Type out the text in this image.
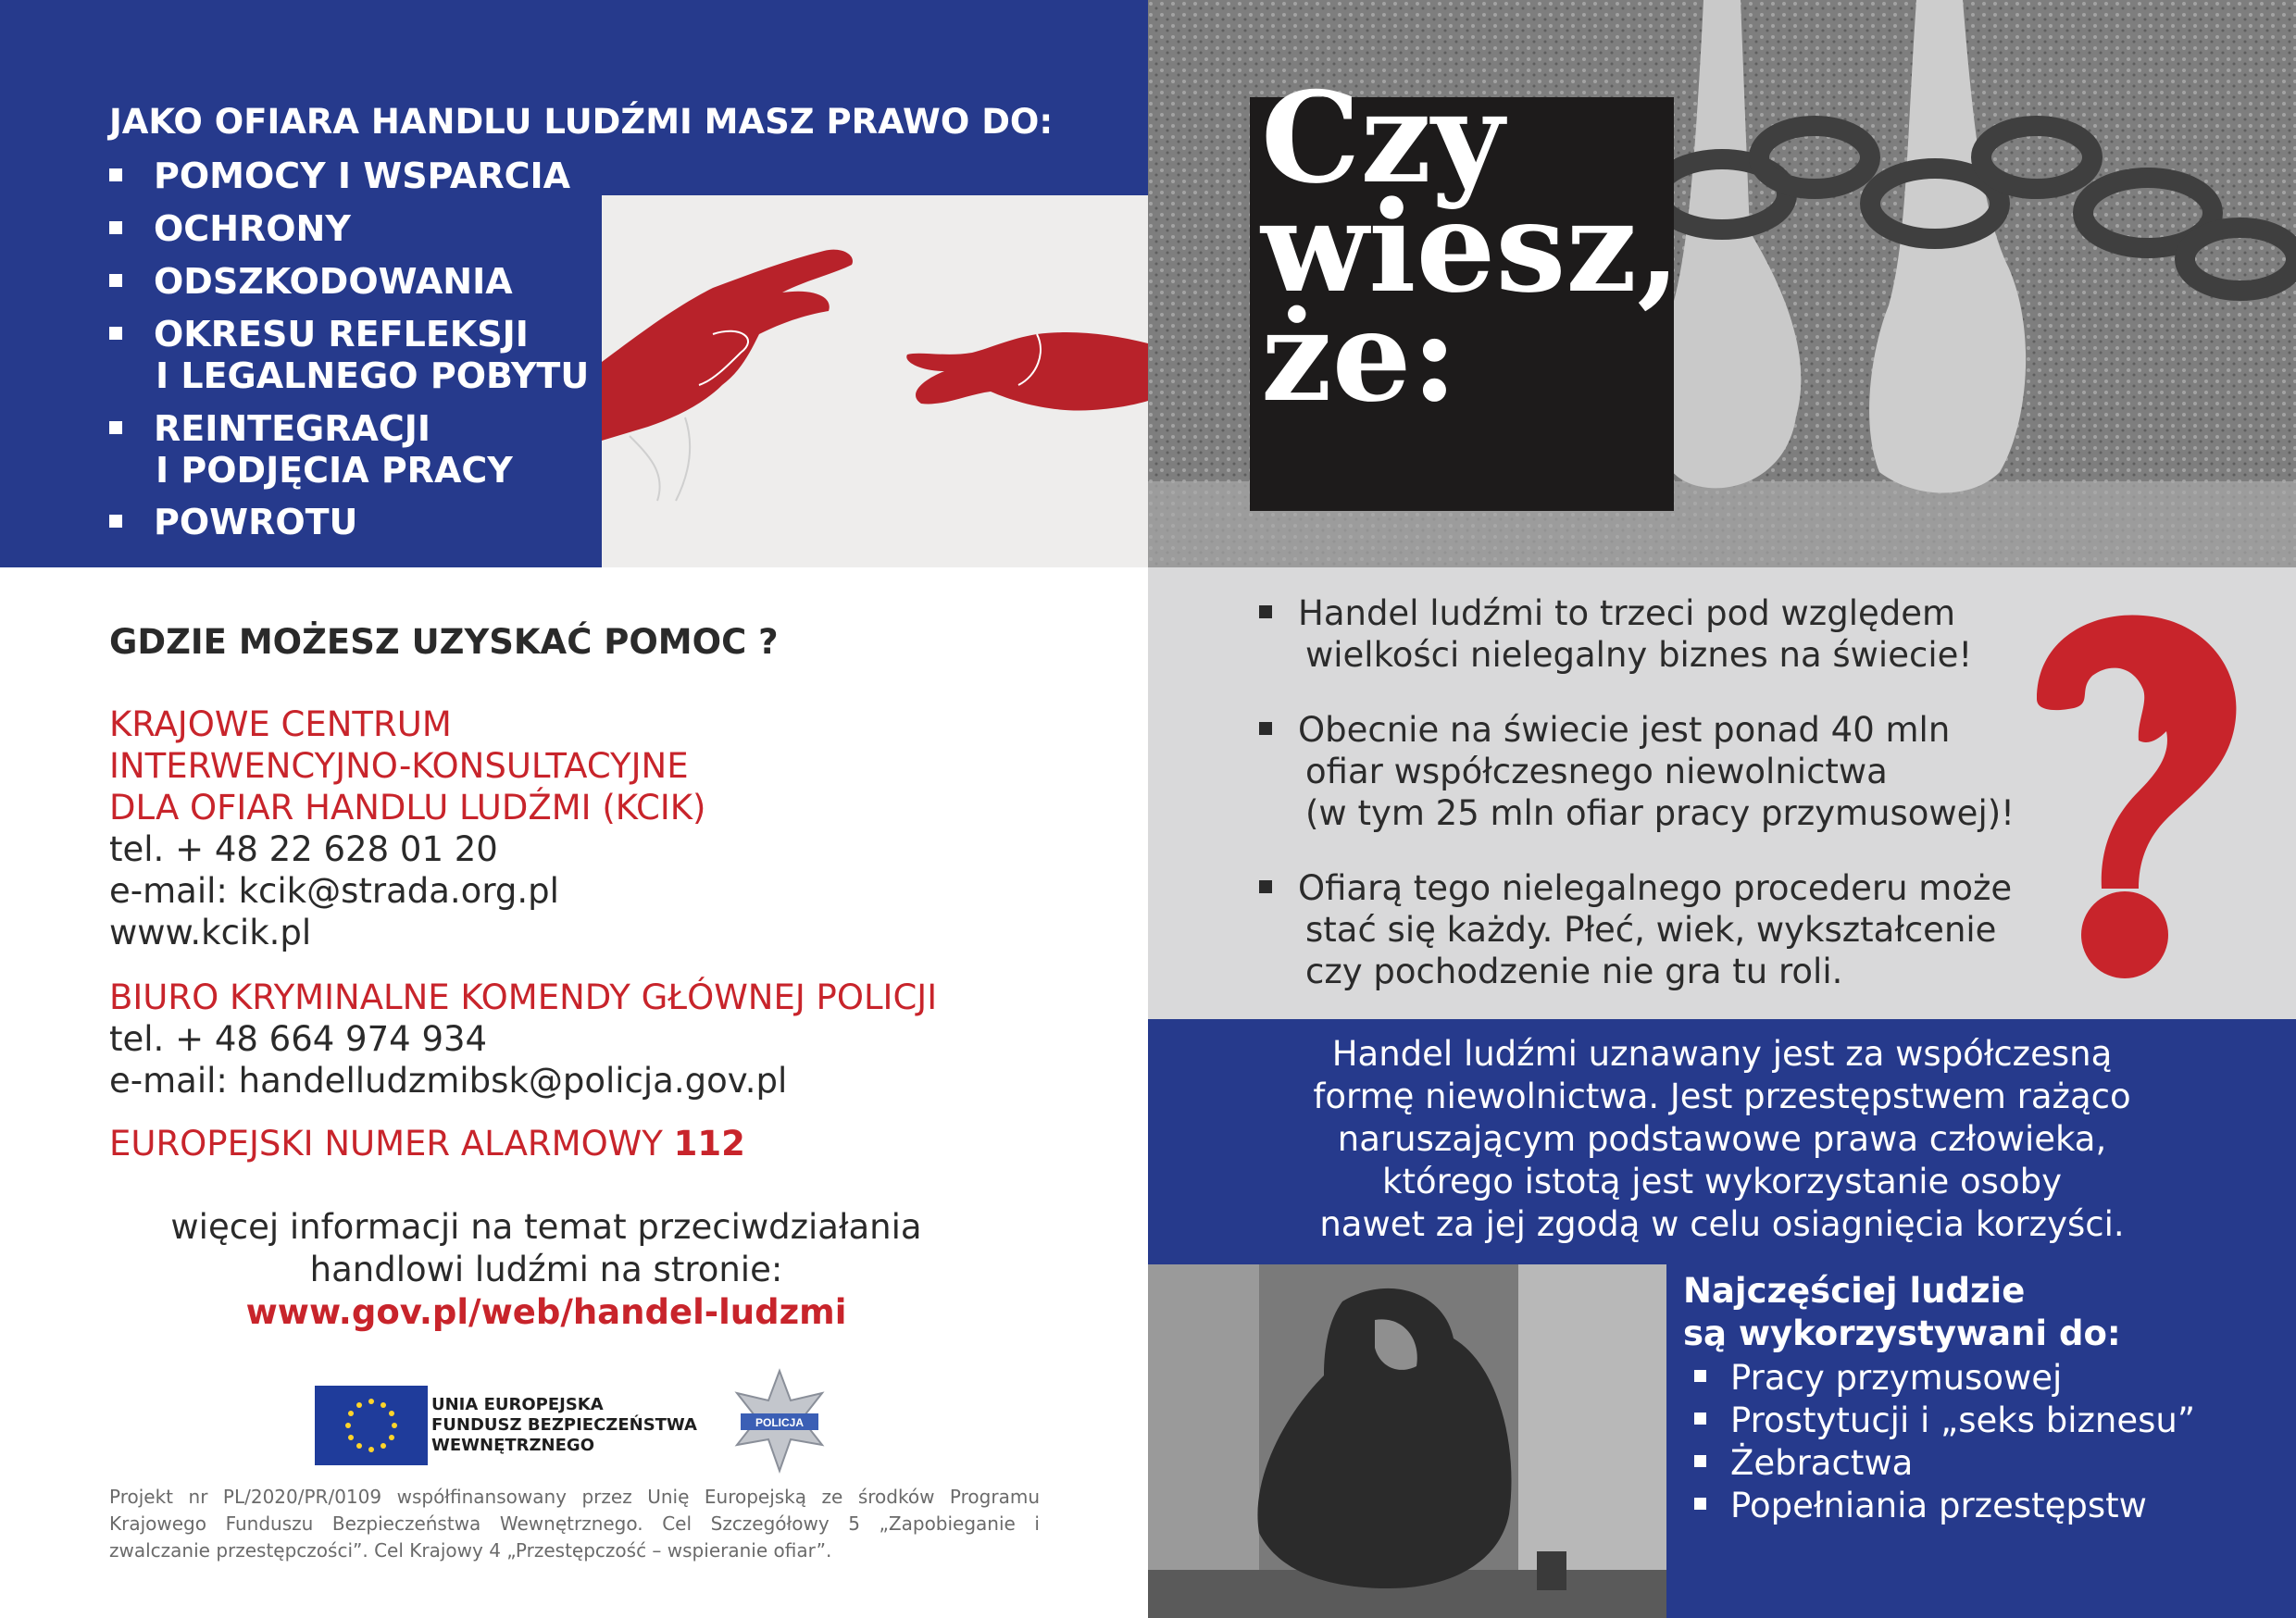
JAKO OFIARA HANDLU LUDŹMI MASZ PRAWO DO:
POMOCY I WSPARCIA
OCHRONY
ODSZKODOWANIA
OKRESU REFLEKSJI
I LEGALNEGO POBYTU
REINTEGRACJI
I PODJĘCIA PRACY
POWROTU
Czy
wiesz,
że:
Handel ludźmi to trzeci pod względem
wielkości nielegalny biznes na świecie!
Obecnie na świecie jest ponad 40 mln
ofiar współczesnego niewolnictwa
(w tym 25 mln ofiar pracy przymusowej)!
Ofiarą tego nielegalnego procederu może
stać się każdy. Płeć, wiek, wykształcenie
czy pochodzenie nie gra tu roli.
Handel ludźmi uznawany jest za współczesną
formę niewolnictwa. Jest przestępstwem rażąco
naruszającym podstawowe prawa człowieka,
którego istotą jest wykorzystanie osoby
nawet za jej zgodą w celu osiagnięcia korzyści.
Najczęściej ludzie
są wykorzystywani do:
Pracy przymusowej
Prostytucji i „seks biznesu”
Żebractwa
Popełniania przestępstw
GDZIE MOŻESZ UZYSKAĆ POMOC ?
KRAJOWE CENTRUM
INTERWENCYJNO-KONSULTACYJNE
DLA OFIAR HANDLU LUDŹMI (KCIK)
tel. + 48 22 628 01 20
e-mail: kcik@strada.org.pl
www.kcik.pl
BIURO KRYMINALNE KOMENDY GŁÓWNEJ POLICJI
tel. + 48 664 974 934
e-mail: handelludzmibsk@policja.gov.pl
EUROPEJSKI NUMER ALARMOWY 112
więcej informacji na temat przeciwdziałania
handlowi ludźmi na stronie:
www.gov.pl/web/handel-ludzmi
UNIA EUROPEJSKA
FUNDUSZ BEZPIECZEŃSTWA
WEWNĘTRZNEGO
POLICJA
Projekt nr PL/2020/PR/0109 współfinansowany przez Unię Europejską ze środków Programu Krajowego Funduszu Bezpieczeństwa Wewnętrznego. Cel Szczegółowy 5 „Zapobieganie i zwalczanie przestępczości”. Cel Krajowy 4 „Przestępczość – wspieranie ofiar”.
